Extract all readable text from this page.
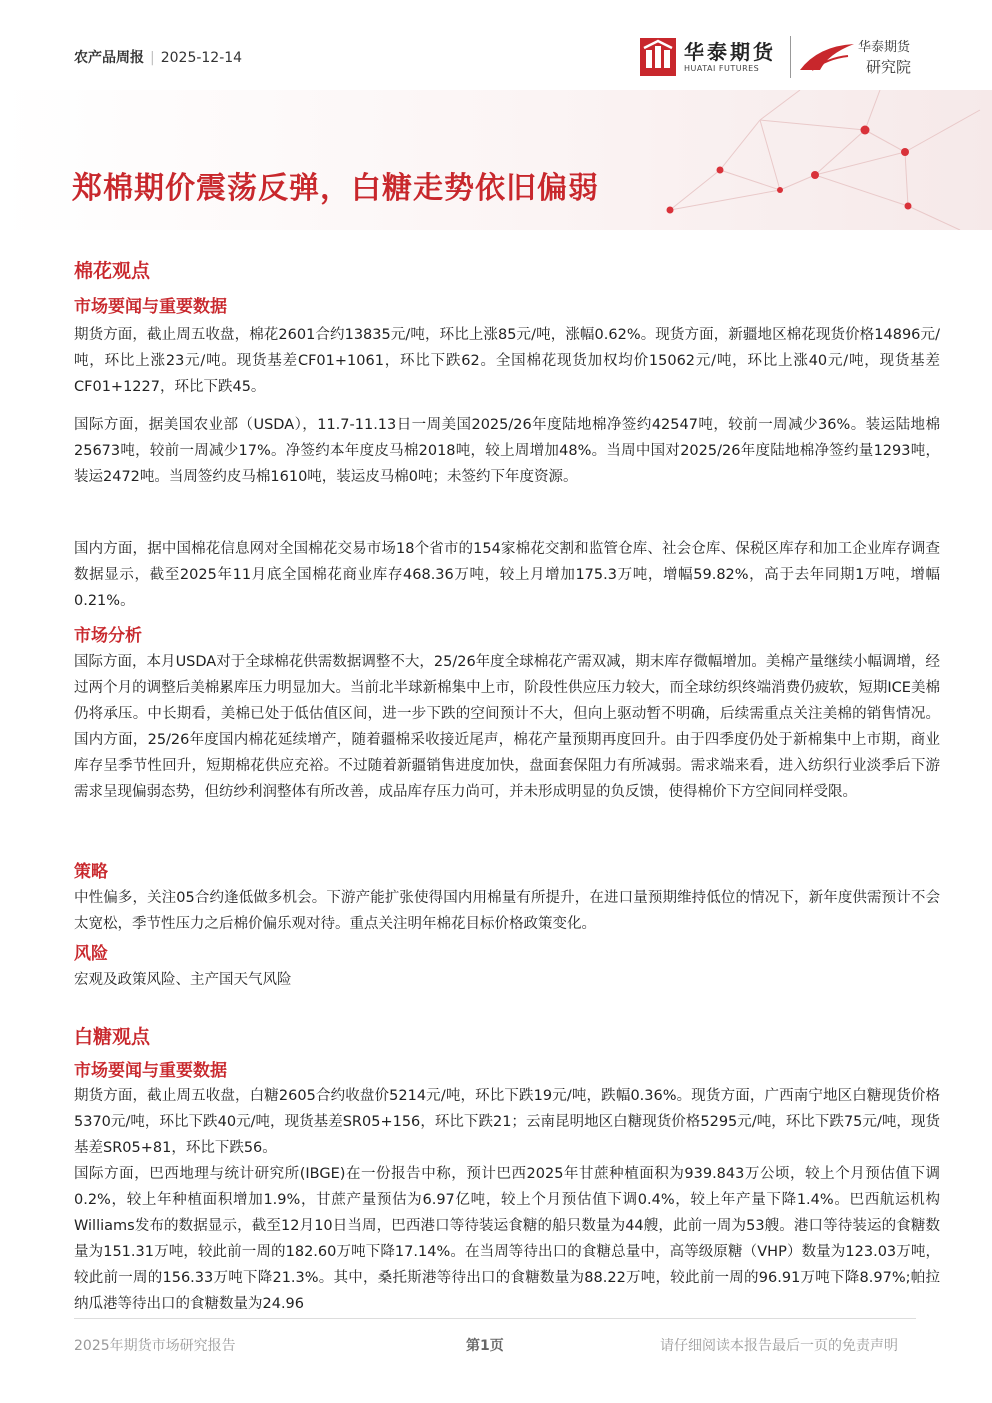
农产品周报 | 2025-12-14	华泰期货
HUATAI FUTURES
华泰期货
研究院
郑棉期价震荡反弹，白糖走势依旧偏弱
棉花观点
市场要闻与重要数据

期货方面，截止周五收盘，棉花2601合约13835元/吨，环比上涨85元/吨，涨幅0.62%。现货方面，新疆地区棉花现货价格14896元/吨，环比上涨23元/吨。现货基差CF01+1061，环比下跌62。全国棉花现货加权均价15062元/吨，环比上涨40元/吨，现货基差CF01+1227，环比下跌45。

国际方面，据美国农业部（USDA），11.7-11.13日一周美国2025/26年度陆地棉净签约42547吨，较前一周减少36%。装运陆地棉25673吨，较前一周减少17%。净签约本年度皮马棉2018吨，较上周增加48%。当周中国对2025/26年度陆地棉净签约量1293吨，装运2472吨。当周签约皮马棉1610吨，装运皮马棉0吨；未签约下年度资源。

国内方面，据中国棉花信息网对全国棉花交易市场18个省市的154家棉花交割和监管仓库、社会仓库、保税区库存和加工企业库存调查数据显示，截至2025年11月底全国棉花商业库存468.36万吨，较上月增加175.3万吨，增幅59.82%，高于去年同期1万吨，增幅0.21%。

市场分析

国际方面，本月USDA对于全球棉花供需数据调整不大，25/26年度全球棉花产需双减，期末库存微幅增加。美棉产量继续小幅调增，经过两个月的调整后美棉累库压力明显加大。当前北半球新棉集中上市，阶段性供应压力较大，而全球纺织终端消费仍疲软，短期ICE美棉仍将承压。中长期看，美棉已处于低估值区间，进一步下跌的空间预计不大，但向上驱动暂不明确，后续需重点关注美棉的销售情况。国内方面，25/26年度国内棉花延续增产，随着疆棉采收接近尾声，棉花产量预期再度回升。由于四季度仍处于新棉集中上市期，商业库存呈季节性回升，短期棉花供应充裕。不过随着新疆销售进度加快，盘面套保阻力有所减弱。需求端来看，进入纺织行业淡季后下游需求呈现偏弱态势，但纺纱利润整体有所改善，成品库存压力尚可，并未形成明显的负反馈，使得棉价下方空间同样受限。

策略

中性偏多，关注05合约逢低做多机会。下游产能扩张使得国内用棉量有所提升，在进口量预期维持低位的情况下，新年度供需预计不会太宽松，季节性压力之后棉价偏乐观对待。重点关注明年棉花目标价格政策变化。

风险

宏观及政策风险、主产国天气风险

白糖观点
市场要闻与重要数据

期货方面，截止周五收盘，白糖2605合约收盘价5214元/吨，环比下跌19元/吨，跌幅0.36%。现货方面，广西南宁地区白糖现货价格5370元/吨，环比下跌40元/吨，现货基差SR05+156，环比下跌21；云南昆明地区白糖现货价格5295元/吨，环比下跌75元/吨，现货基差SR05+81，环比下跌56。

国际方面，巴西地理与统计研究所(IBGE)在一份报告中称，预计巴西2025年甘蔗种植面积为939.843万公顷，较上个月预估值下调0.2%，较上年种植面积增加1.9%，甘蔗产量预估为6.97亿吨，较上个月预估值下调0.4%，较上年产量下降1.4%。巴西航运机构Williams发布的数据显示，截至12月10日当周，巴西港口等待装运食糖的船只数量为44艘，此前一周为53艘。港口等待装运的食糖数量为151.31万吨，较此前一周的182.60万吨下降17.14%。在当周等待出口的食糖总量中，高等级原糖（VHP）数量为123.03万吨，较此前一周的156.33万吨下降21.3%。其中，桑托斯港等待出口的食糖数量为88.22万吨，较此前一周的96.91万吨下降8.97%;帕拉纳瓜港等待出口的食糖数量为24.96

2025年期货市场研究报告	第1页	请仔细阅读本报告最后一页的免责声明
